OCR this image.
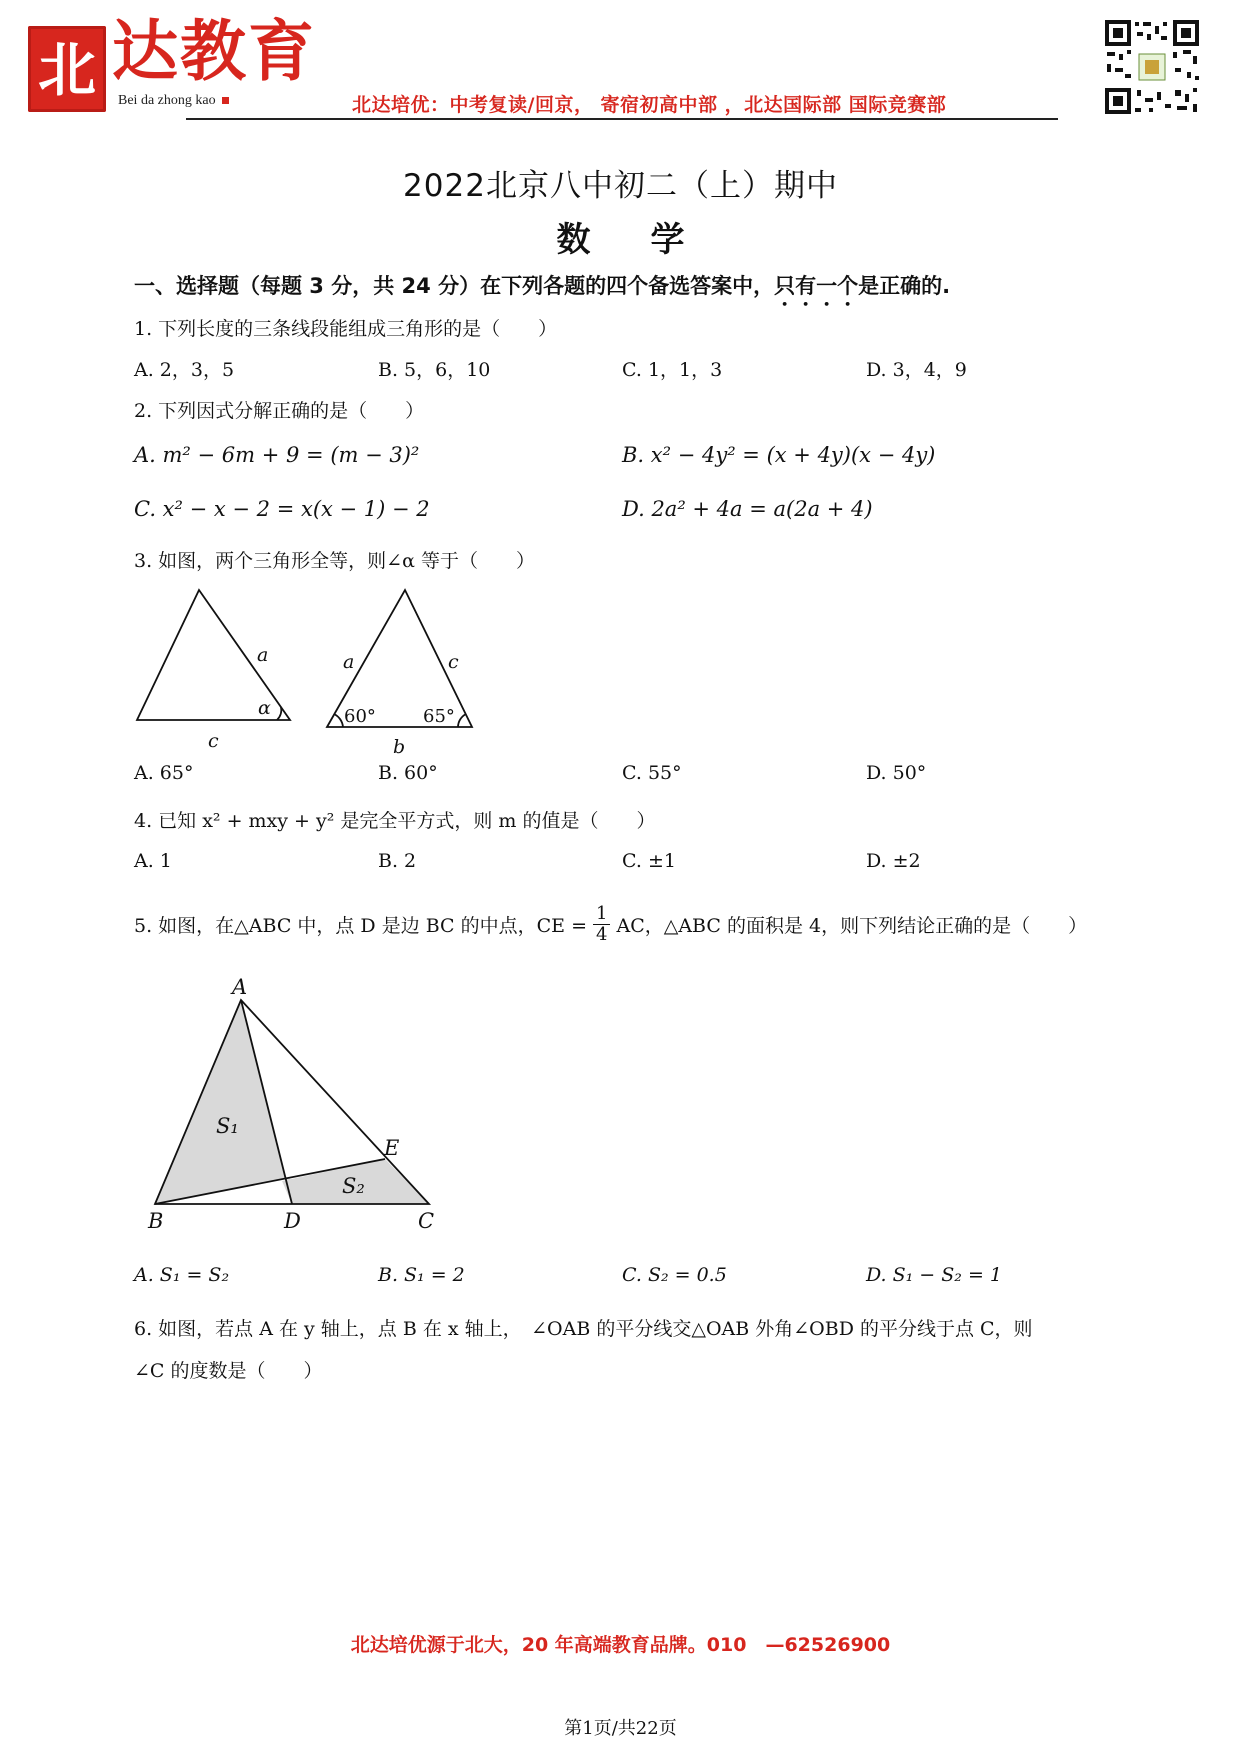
北 达教育
Bei da zhong kao	北达培优：中考复读/回京， 寄宿初高中部 ，北达国际部 国际竞赛部
2022北京八中初二（上）期中
数学
一、选择题（每题 3 分，共 24 分）在下列各题的四个备选答案中，只有一个是正确的.
1. 下列长度的三条线段能组成三角形的是（　　）
A. 2，3，5	B. 5，6，10	C. 1，1，3	D. 3，4，9
2. 下列因式分解正确的是（　　）
A. m² − 6m + 9 = (m − 3)²	B. x² − 4y² = (x + 4y)(x − 4y)
C. x² − x − 2 = x(x − 1) − 2	D. 2a² + 4a = a(2a + 4)
3. 如图，两个三角形全等，则∠α 等于（　　）
a
α
c
a	c
b
60°	65°
A. 65°	B. 60°	C. 55°	D. 50°
4. 已知 x² + mxy + y² 是完全平方式，则 m 的值是（　　）
A. 1	B. 2	C. ±1	D. ±2
5. 如图，在△ABC 中，点 D 是边 BC 的中点，CE = $\frac{1}{4}$ AC，△ABC 的面积是 4，则下列结论正确的是（　　）
A
B	C
D
E
S₁
S₂
A. S₁ = S₂	B. S₁ = 2	C. S₂ = 0.5	D. S₁ − S₂ = 1
6. 如图，若点 A 在 y 轴上，点 B 在 x 轴上，　∠OAB 的平分线交△OAB 外角∠OBD 的平分线于点 C，则
∠C 的度数是（　　）
北达培优源于北大，20 年高端教育品牌。010　—62526900
第1页/共22页
